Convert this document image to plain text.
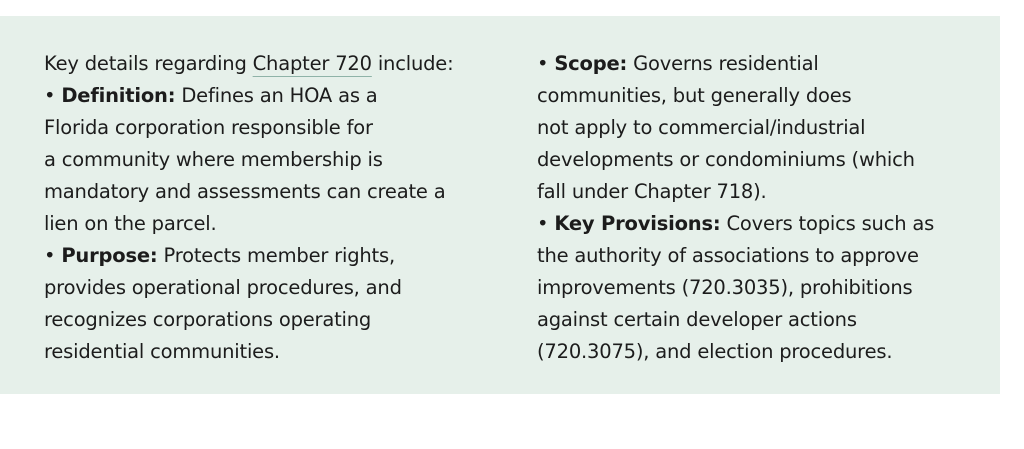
Key details regarding Chapter 720 include:
• Definition: Defines an HOA as a
Florida corporation responsible for
a community where membership is
mandatory and assessments can create a
lien on the parcel.
• Purpose: Protects member rights,
provides operational procedures, and
recognizes corporations operating
residential communities.
• Scope: Governs residential
communities, but generally does
not apply to commercial/industrial
developments or condominiums (which
fall under Chapter 718).
• Key Provisions: Covers topics such as
the authority of associations to approve
improvements (720.3035), prohibitions
against certain developer actions
(720.3075), and election procedures.
